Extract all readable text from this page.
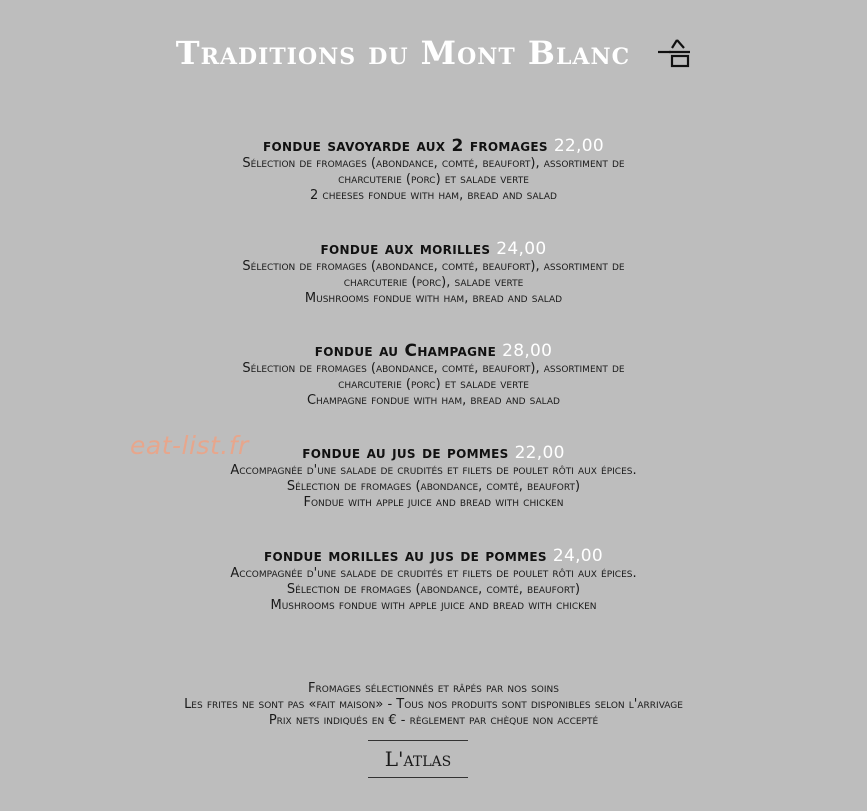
Traditions du Mont Blanc
fondue savoyarde aux 2 fromages 22,00
Sélection de fromages (abondance, comté, beaufort), assortiment de
charcuterie (porc) et salade verte
2 cheeses fondue with ham, bread and salad
fondue aux morilles 24,00
Sélection de fromages (abondance, comté, beaufort), assortiment de
charcuterie (porc), salade verte
Mushrooms fondue with ham, bread and salad
fondue au Champagne 28,00
Sélection de fromages (abondance, comté, beaufort), assortiment de
charcuterie (porc) et salade verte
Champagne fondue with ham, bread and salad
eat-list.fr	fondue au jus de pommes 22,00
Accompagnée d'une salade de crudités et filets de poulet rôti aux épices.
Sélection de fromages (abondance, comté, beaufort)
Fondue with apple juice and bread with chicken
fondue morilles au jus de pommes 24,00
Accompagnée d'une salade de crudités et filets de poulet rôti aux épices.
Sélection de fromages (abondance, comté, beaufort)
Mushrooms fondue with apple juice and bread with chicken
Fromages sélectionnés et râpés par nos soins
Les frites ne sont pas «fait maison» - Tous nos produits sont disponibles selon l'arrivage
Prix nets indiqués en € - règlement par chèque non accepté
L'atlas
